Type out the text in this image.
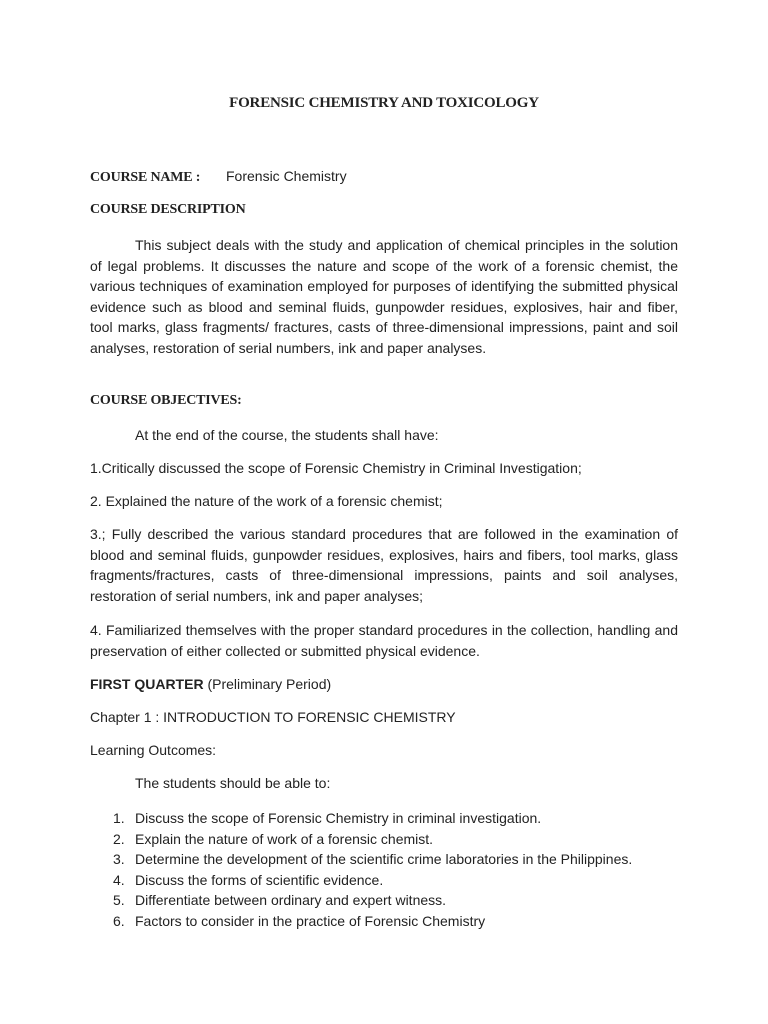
FORENSIC CHEMISTRY AND TOXICOLOGY
COURSE NAME : Forensic Chemistry
COURSE DESCRIPTION
This subject deals with the study and application of chemical principles in the solution of legal problems. It discusses the nature and scope of the work of a forensic chemist, the various techniques of examination employed for purposes of identifying the submitted physical evidence such as blood and seminal fluids, gunpowder residues, explosives, hair and fiber, tool marks, glass fragments/ fractures, casts of three-dimensional impressions, paint and soil analyses, restoration of serial numbers, ink and paper analyses.
COURSE OBJECTIVES:
At the end of the course, the students shall have:
1.Critically discussed the scope of Forensic Chemistry in Criminal Investigation;
2. Explained the nature of the work of a forensic chemist;
3.; Fully described the various standard procedures that are followed in the examination of blood and seminal fluids, gunpowder residues, explosives, hairs and fibers, tool marks, glass fragments/fractures, casts of three-dimensional impressions, paints and soil analyses, restoration of serial numbers, ink and paper analyses;
4. Familiarized themselves with the proper standard procedures in the collection, handling and preservation of either collected or submitted physical evidence.
FIRST QUARTER (Preliminary Period)
Chapter 1 : INTRODUCTION TO FORENSIC CHEMISTRY
Learning Outcomes:
The students should be able to:
1. Discuss the scope of Forensic Chemistry in criminal investigation.
2. Explain the nature of work of a forensic chemist.
3. Determine the development of the scientific crime laboratories in the Philippines.
4. Discuss the forms of scientific evidence.
5. Differentiate between ordinary and expert witness.
6. Factors to consider in the practice of Forensic Chemistry
